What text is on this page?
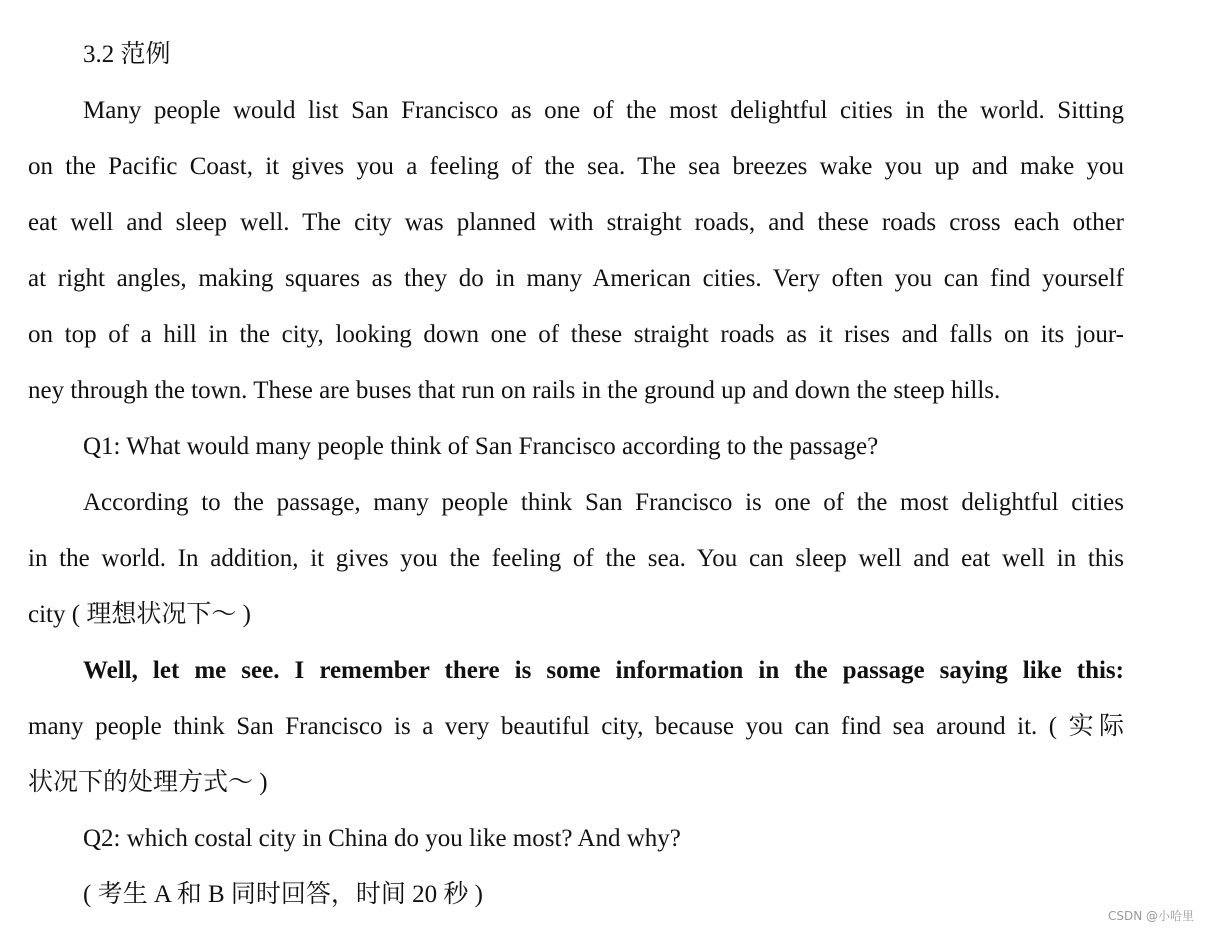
3.2 范例
Many people would list San Francisco as one of the most delightful cities in the world. Sitting
on the Pacific Coast, it gives you a feeling of the sea. The sea breezes wake you up and make you
eat well and sleep well. The city was planned with straight roads, and these roads cross each other
at right angles, making squares as they do in many American cities. Very often you can find yourself
on top of a hill in the city, looking down one of these straight roads as it rises and falls on its jour-
ney through the town. These are buses that run on rails in the ground up and down the steep hills.
Q1: What would many people think of San Francisco according to the passage?
According to the passage, many people think San Francisco is one of the most delightful cities
in the world. In addition, it gives you the feeling of the sea. You can sleep well and eat well in this
city ( 理想状况下～ )
Well, let me see. I remember there is some information in the passage saying like this:
many people think San Francisco is a very beautiful city, because you can find sea around it. ( 实际
状况下的处理方式～ )
Q2: which costal city in China do you like most? And why?
( 考生 A 和 B 同时回答，时间 20 秒 )
CSDN @小哈里
